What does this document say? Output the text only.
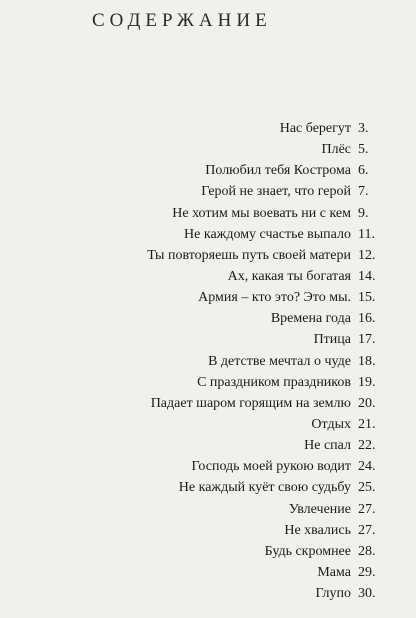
СОДЕРЖАНИЕ
Нас берегут 3.
Плёс 5.
Полюбил тебя Кострома 6.
Герой не знает, что герой 7.
Не хотим мы воевать ни с кем 9.
Не каждому счастье выпало 11.
Ты повторяешь путь своей матери 12.
Ах, какая ты богатая 14.
Армия – кто это? Это мы. 15.
Времена года 16.
Птица 17.
В детстве мечтал о чуде 18.
С праздником праздников 19.
Падает шаром горящим на землю 20.
Отдых 21.
Не спал 22.
Господь моей рукою водит 24.
Не каждый куёт свою судьбу 25.
Увлечение 27.
Не хвались 27.
Будь скромнее 28.
Мама 29.
Глупо 30.
